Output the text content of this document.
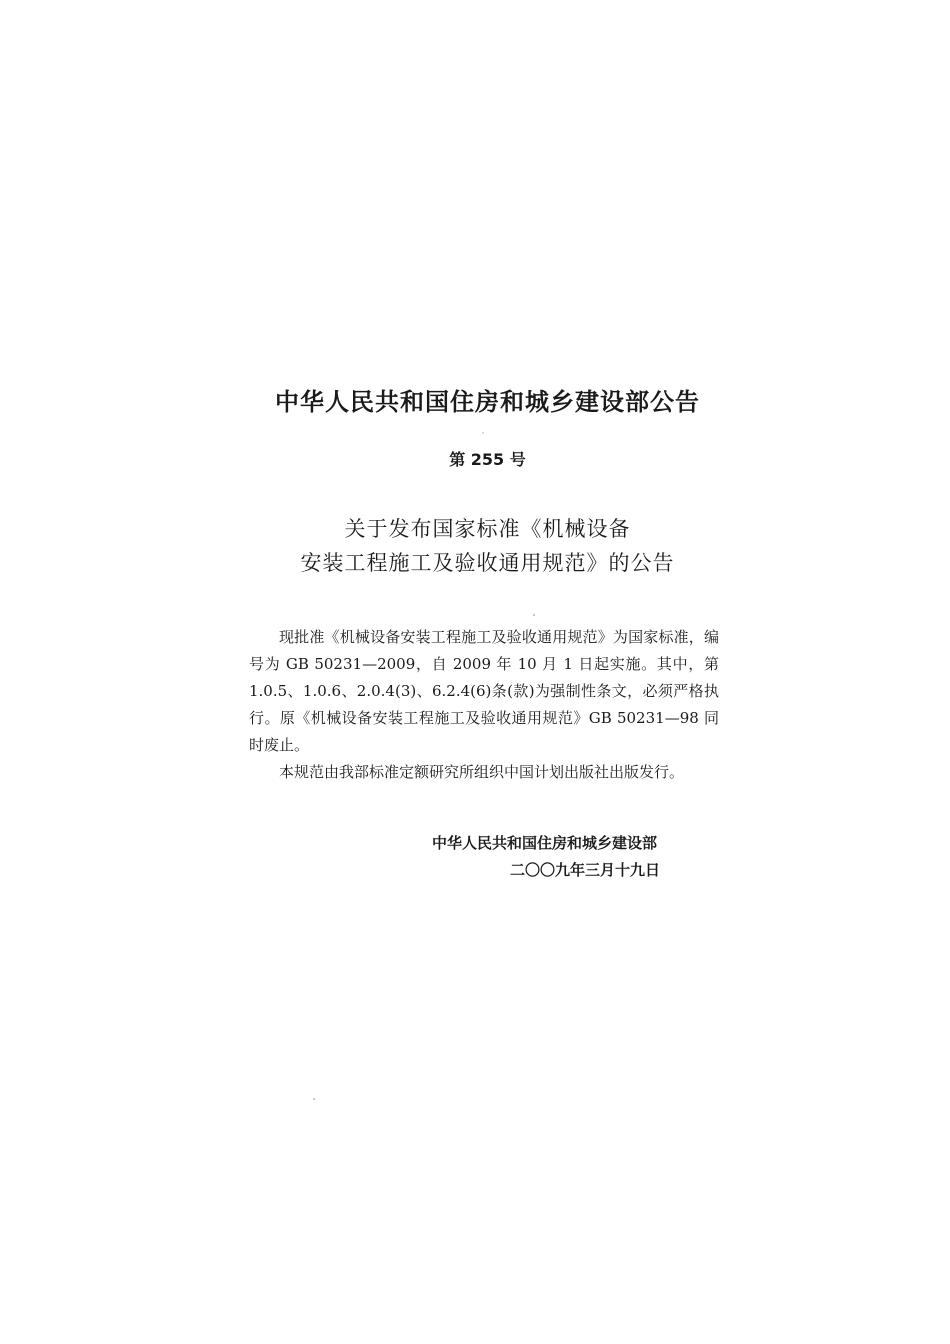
中华人民共和国住房和城乡建设部公告
第 255 号
关于发布国家标准《机械设备
安装工程施工及验收通用规范》的公告

现批准《机械设备安装工程施工及验收通用规范》为国家标准，编号为 GB 50231—2009，自 2009 年 10 月 1 日起实施。其中，第 1.0.5、1.0.6、2.0.4(3)、6.2.4(6)条(款)为强制性条文，必须严格执行。原《机械设备安装工程施工及验收通用规范》GB 50231—98 同时废止。

本规范由我部标准定额研究所组织中国计划出版社出版发行。

中华人民共和国住房和城乡建设部
二〇〇九年三月十九日
